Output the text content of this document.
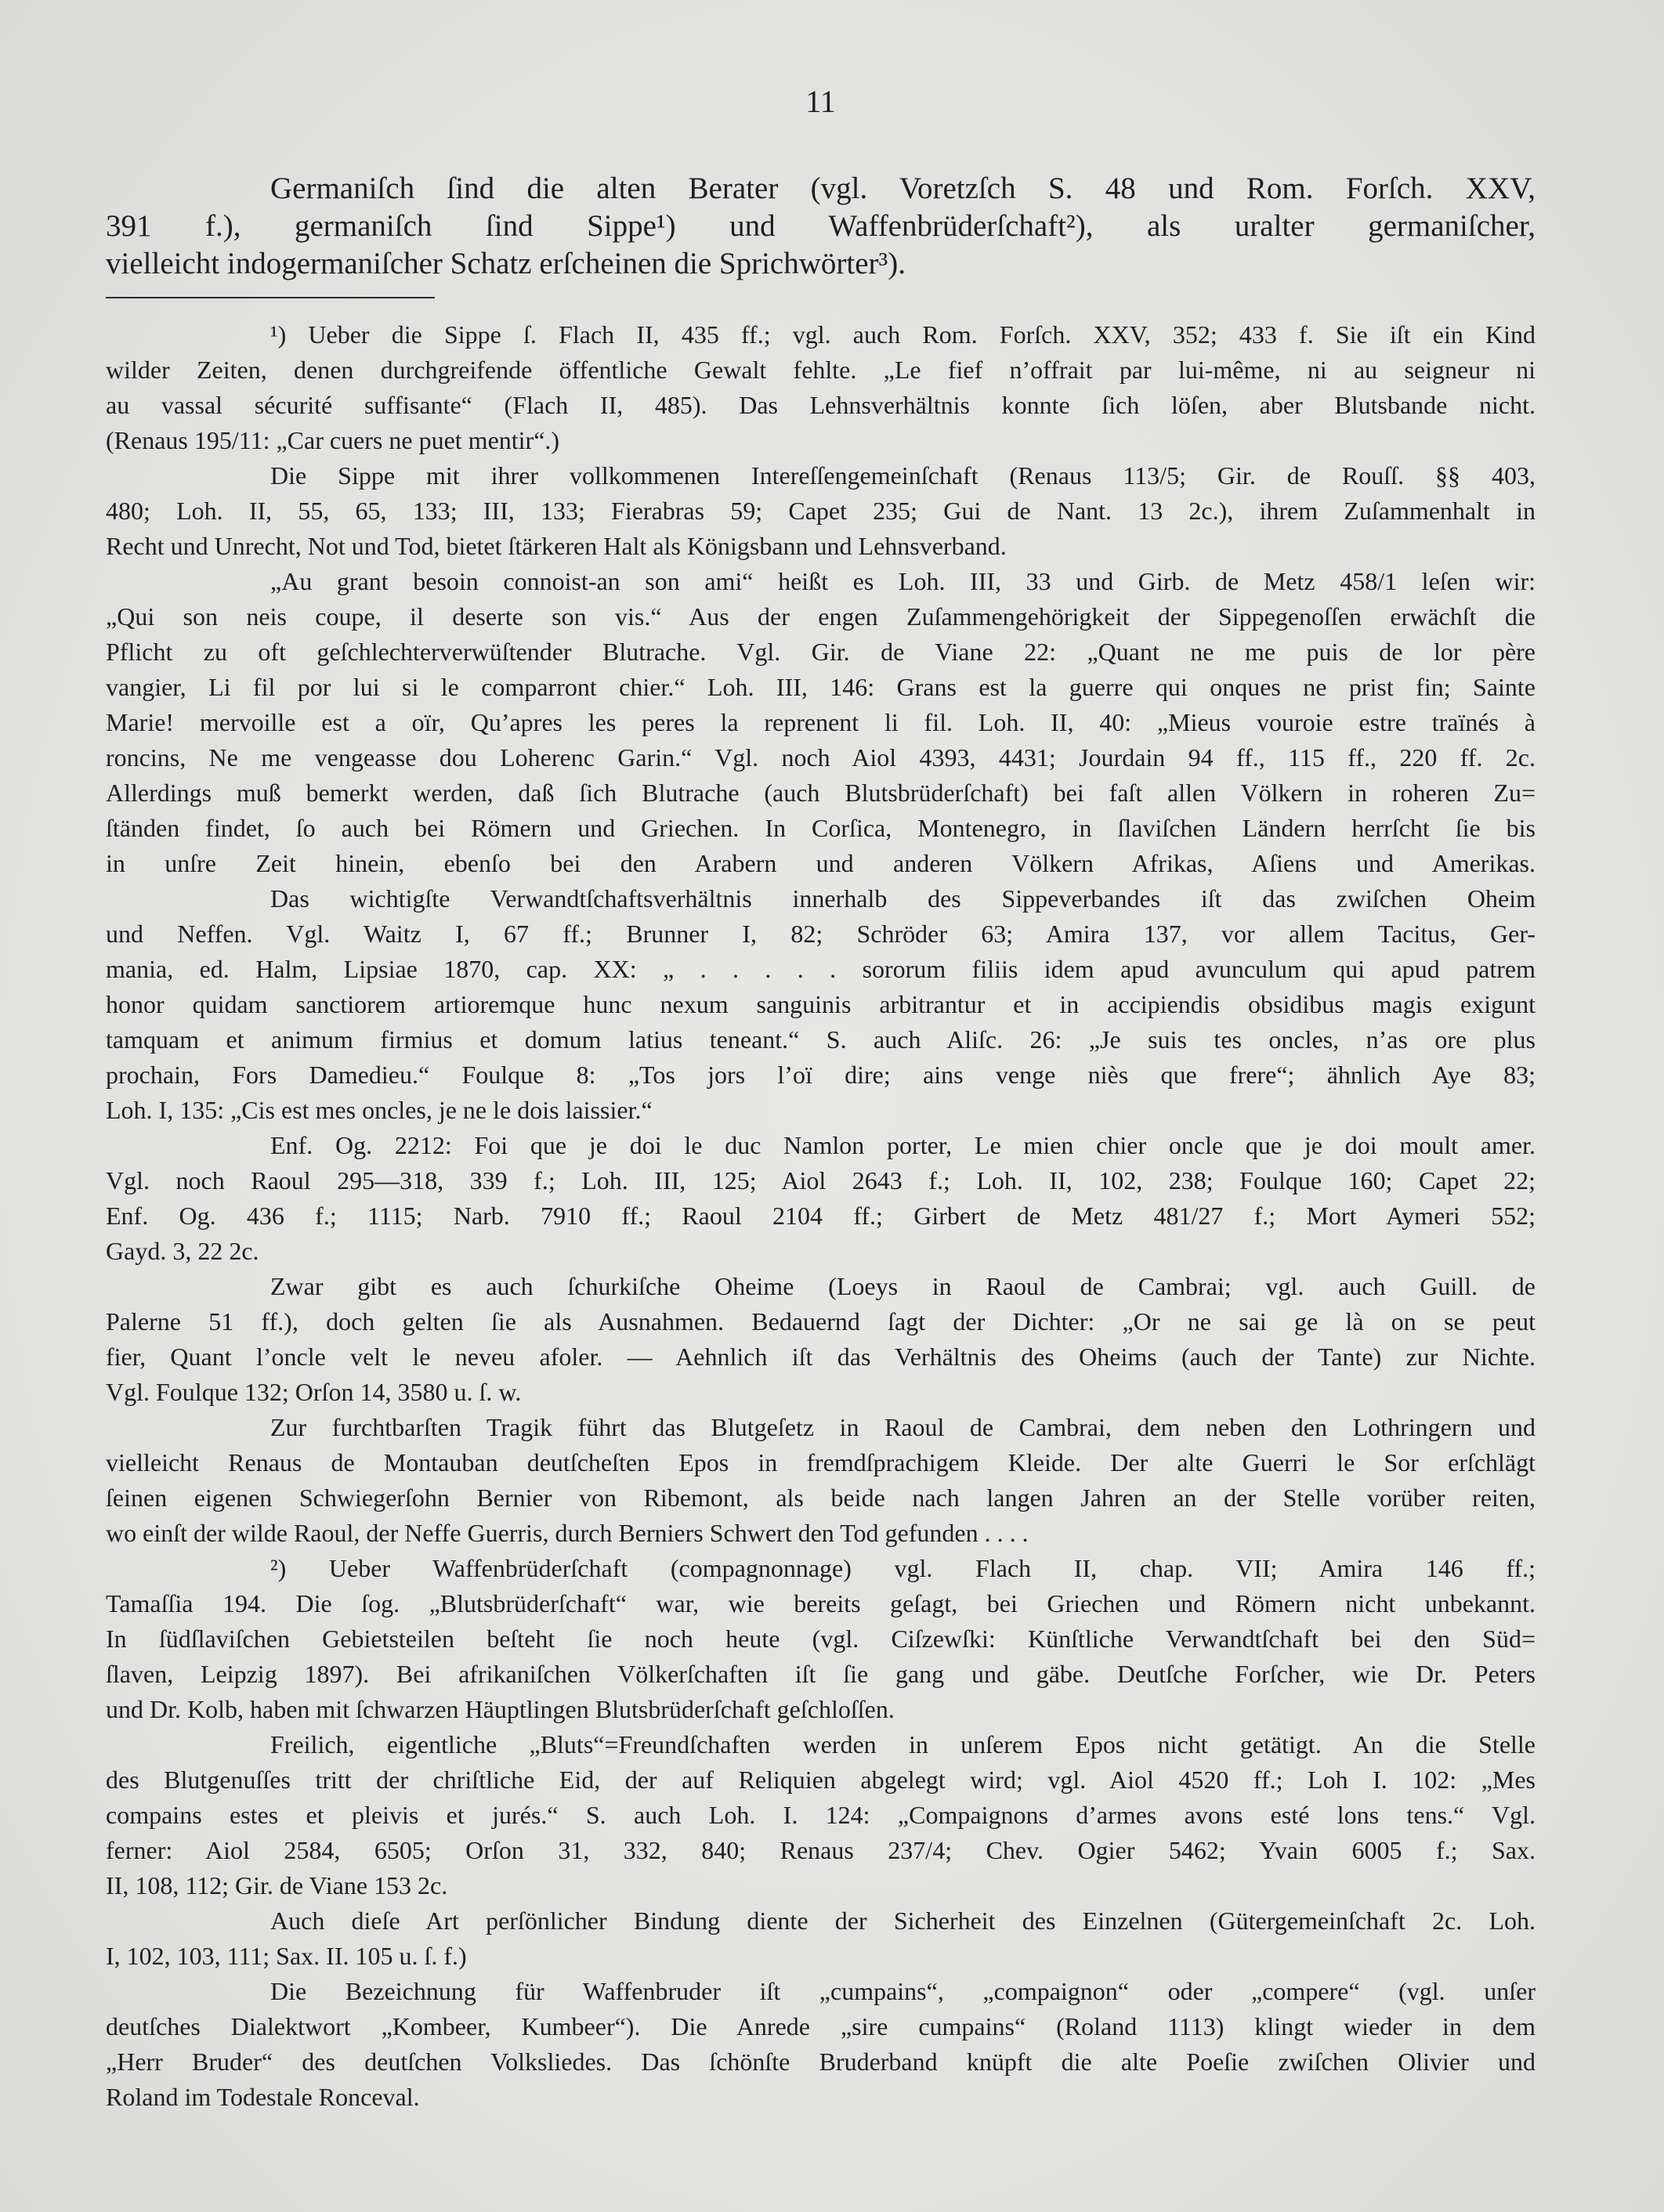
11
Germaniſch ſind die alten Berater (vgl. Voretzſch S. 48 und Rom. Forſch. XXV,
391 f.), germaniſch ſind Sippe¹) und Waffenbrüderſchaft²), als uralter germaniſcher,
vielleicht indogermaniſcher Schatz erſcheinen die Sprichwörter³).
¹) Ueber die Sippe ſ. Flach II, 435 ff.; vgl. auch Rom. Forſch. XXV, 352; 433 f. Sie iſt ein Kind
wilder Zeiten, denen durchgreifende öffentliche Gewalt fehlte. „Le fief n’offrait par lui-même, ni au seigneur ni
au vassal sécurité suffisante“ (Flach II, 485). Das Lehnsverhältnis konnte ſich löſen, aber Blutsbande nicht.
(Renaus 195/11: „Car cuers ne puet mentir“.)
Die Sippe mit ihrer vollkommenen Intereſſengemeinſchaft (Renaus 113/5; Gir. de Rouſſ. §§ 403,
480; Loh. II, 55, 65, 133; III, 133; Fierabras 59; Capet 235; Gui de Nant. 13 2c.), ihrem Zuſammenhalt in
Recht und Unrecht, Not und Tod, bietet ſtärkeren Halt als Königsbann und Lehnsverband.
„Au grant besoin connoist-an son ami“ heißt es Loh. III, 33 und Girb. de Metz 458/1 leſen wir:
„Qui son neis coupe, il deserte son vis.“ Aus der engen Zuſammengehörigkeit der Sippegenoſſen erwächſt die
Pflicht zu oft geſchlechterverwüſtender Blutrache. Vgl. Gir. de Viane 22: „Quant ne me puis de lor père
vangier, Li fil por lui si le comparront chier.“ Loh. III, 146: Grans est la guerre qui onques ne prist fin; Sainte
Marie! mervoille est a oïr, Qu’apres les peres la reprenent li fil. Loh. II, 40: „Mieus vouroie estre traïnés à
roncins, Ne me vengeasse dou Loherenc Garin.“ Vgl. noch Aiol 4393, 4431; Jourdain 94 ff., 115 ff., 220 ff. 2c.
Allerdings muß bemerkt werden, daß ſich Blutrache (auch Blutsbrüderſchaft) bei faſt allen Völkern in roheren Zu=
ſtänden findet, ſo auch bei Römern und Griechen. In Corſica, Montenegro, in ſlaviſchen Ländern herrſcht ſie bis
in unſre Zeit hinein, ebenſo bei den Arabern und anderen Völkern Afrikas, Aſiens und Amerikas.
Das wichtigſte Verwandtſchaftsverhältnis innerhalb des Sippeverbandes iſt das zwiſchen Oheim
und Neffen. Vgl. Waitz I, 67 ff.; Brunner I, 82; Schröder 63; Amira 137, vor allem Tacitus, Ger-
mania, ed. Halm, Lipsiae 1870, cap. XX: „ . . . . . sororum filiis idem apud avunculum qui apud patrem
honor quidam sanctiorem artioremque hunc nexum sanguinis arbitrantur et in accipiendis obsidibus magis exigunt
tamquam et animum firmius et domum latius teneant.“ S. auch Aliſc. 26: „Je suis tes oncles, n’as ore plus
prochain, Fors Damedieu.“ Foulque 8: „Tos jors l’oï dire; ains venge niès que frere“; ähnlich Aye 83;
Loh. I, 135: „Cis est mes oncles, je ne le dois laissier.“
Enf. Og. 2212: Foi que je doi le duc Namlon porter, Le mien chier oncle que je doi moult amer.
Vgl. noch Raoul 295—318, 339 f.; Loh. III, 125; Aiol 2643 f.; Loh. II, 102, 238; Foulque 160; Capet 22;
Enf. Og. 436 f.; 1115; Narb. 7910 ff.; Raoul 2104 ff.; Girbert de Metz 481/27 f.; Mort Aymeri 552;
Gayd. 3, 22 2c.
Zwar gibt es auch ſchurkiſche Oheime (Loeys in Raoul de Cambrai; vgl. auch Guill. de
Palerne 51 ff.), doch gelten ſie als Ausnahmen. Bedauernd ſagt der Dichter: „Or ne sai ge là on se peut
fier, Quant l’oncle velt le neveu afoler. — Aehnlich iſt das Verhältnis des Oheims (auch der Tante) zur Nichte.
Vgl. Foulque 132; Orſon 14, 3580 u. ſ. w.
Zur furchtbarſten Tragik führt das Blutgeſetz in Raoul de Cambrai, dem neben den Lothringern und
vielleicht Renaus de Montauban deutſcheſten Epos in fremdſprachigem Kleide. Der alte Guerri le Sor erſchlägt
ſeinen eigenen Schwiegerſohn Bernier von Ribemont, als beide nach langen Jahren an der Stelle vorüber reiten,
wo einſt der wilde Raoul, der Neffe Guerris, durch Berniers Schwert den Tod gefunden . . . .
²) Ueber Waffenbrüderſchaft (compagnonnage) vgl. Flach II, chap. VII; Amira 146 ff.;
Tamaſſia 194. Die ſog. „Blutsbrüderſchaft“ war, wie bereits geſagt, bei Griechen und Römern nicht unbekannt.
In ſüdſlaviſchen Gebietsteilen beſteht ſie noch heute (vgl. Ciſzewſki: Künſtliche Verwandtſchaft bei den Süd=
ſlaven, Leipzig 1897). Bei afrikaniſchen Völkerſchaften iſt ſie gang und gäbe. Deutſche Forſcher, wie Dr. Peters
und Dr. Kolb, haben mit ſchwarzen Häuptlingen Blutsbrüderſchaft geſchloſſen.
Freilich, eigentliche „Bluts“=Freundſchaften werden in unſerem Epos nicht getätigt. An die Stelle
des Blutgenuſſes tritt der chriſtliche Eid, der auf Reliquien abgelegt wird; vgl. Aiol 4520 ff.; Loh I. 102: „Mes
compains estes et pleivis et jurés.“ S. auch Loh. I. 124: „Compaignons d’armes avons esté lons tens.“ Vgl.
ferner: Aiol 2584, 6505; Orſon 31, 332, 840; Renaus 237/4; Chev. Ogier 5462; Yvain 6005 f.; Sax.
II, 108, 112; Gir. de Viane 153 2c.
Auch dieſe Art perſönlicher Bindung diente der Sicherheit des Einzelnen (Gütergemeinſchaft 2c. Loh.
I, 102, 103, 111; Sax. II. 105 u. ſ. f.)
Die Bezeichnung für Waffenbruder iſt „cumpains“, „compaignon“ oder „compere“ (vgl. unſer
deutſches Dialektwort „Kombeer, Kumbeer“). Die Anrede „sire cumpains“ (Roland 1113) klingt wieder in dem
„Herr Bruder“ des deutſchen Volksliedes. Das ſchönſte Bruderband knüpft die alte Poeſie zwiſchen Olivier und
Roland im Todestale Ronceval.
